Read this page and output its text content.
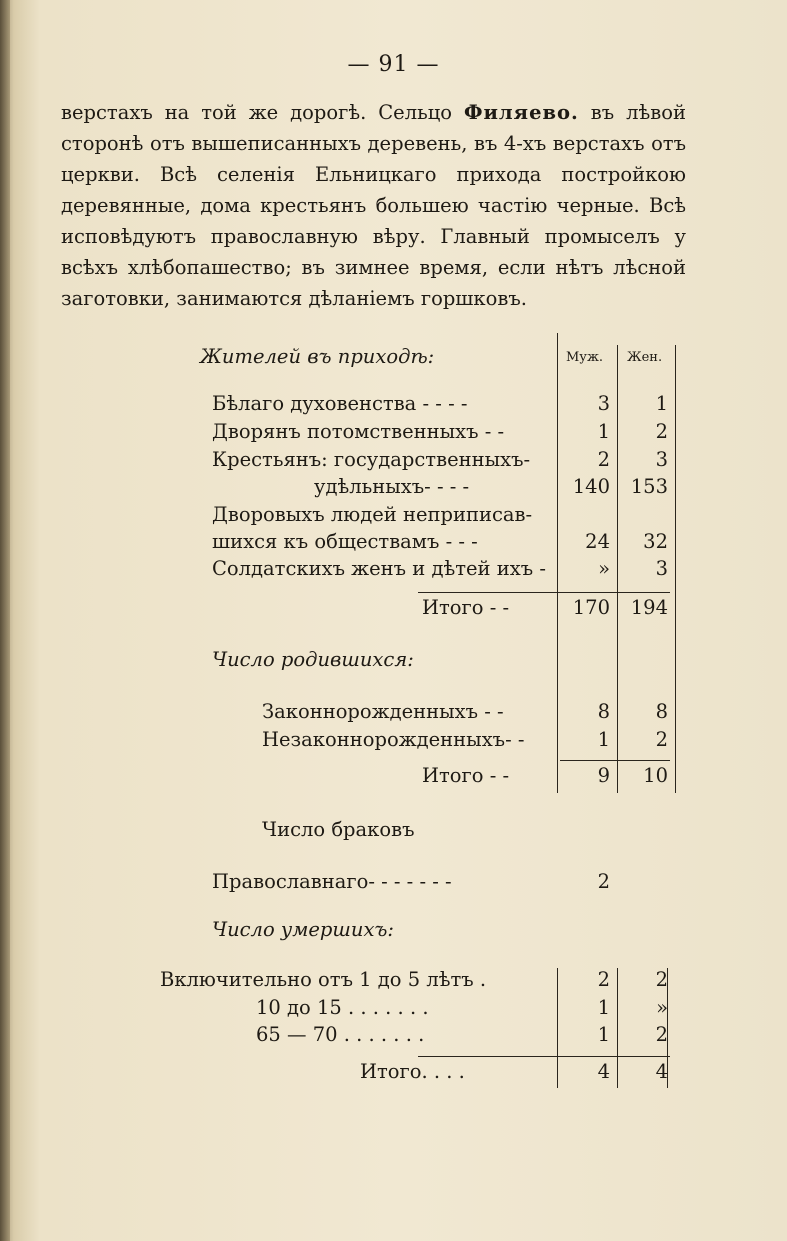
— 91 —
верстахъ на той же дорогѣ. Сельцо Филяево. въ лѣвой сторонѣ отъ вышеписанныхъ деревень, въ 4-хъ верстахъ отъ церкви. Всѣ селенія Ельницкаго прихода постройкою деревянные, дома крестьянъ большею частію черные. Всѣ исповѣдуютъ православную вѣру. Главный промыселъ у всѣхъ хлѣбопашество; въ зимнее время, если нѣтъ лѣсной заготовки, занимаются дѣланіемъ горшковъ.
Жителей въ приходѣ:	Муж. Жен.
Бѣлаго духовенства - - - -	3	1
Дворянъ потомственныхъ - -	1	2
Крестьянъ: государственныхъ-	2	3
удѣльныхъ- - - -	140	153
Дворовыхъ людей неприписав-
шихся къ обществамъ - - -	24	32
Солдатскихъ женъ и дѣтей ихъ -	»	3
Итого - -	170	194
Число родившихся:
Законнорожденныхъ - -	8	8
Незаконнорожденныхъ- -	1	2
Итого - -	9	10
Число браковъ
Православнаго- - - - - - -	2
Число умершихъ:
Включительно отъ 1 до 5 лѣтъ .	2	2
10 до 15 . . . . . . .	1	»
65 — 70 . . . . . . .	1	2
Итого. . . .	4	4
